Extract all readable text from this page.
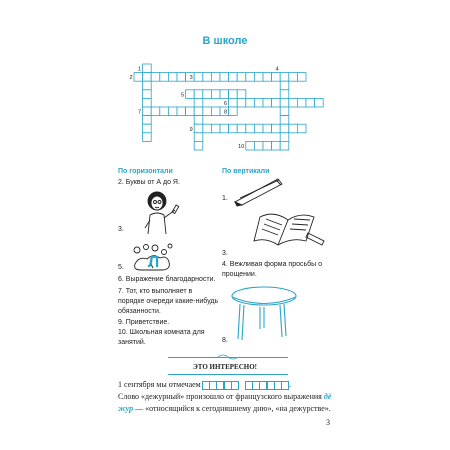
В школе
1
2	3
4
5
6
7	8
9
10
По горизонтали
2. Буквы от А до Я.
3.
5. Л
6. Выражение благодарности.
7. Тот, кто выполняет в порядке очереди какие-нибудь обязанности.
9. Приветствие.
10. Школьная комната для занятий.
По вертикали
1.
3.
4. Вежливая форма просьбы о прощении.
8.
ЭТО ИНТЕРЕСНО!
1 сентября мы отмечаем	.
Слово «дежурный» произошло от французского выражения дё жур — «относящийся к сегодняшнему дню», «на дежурстве».
3
